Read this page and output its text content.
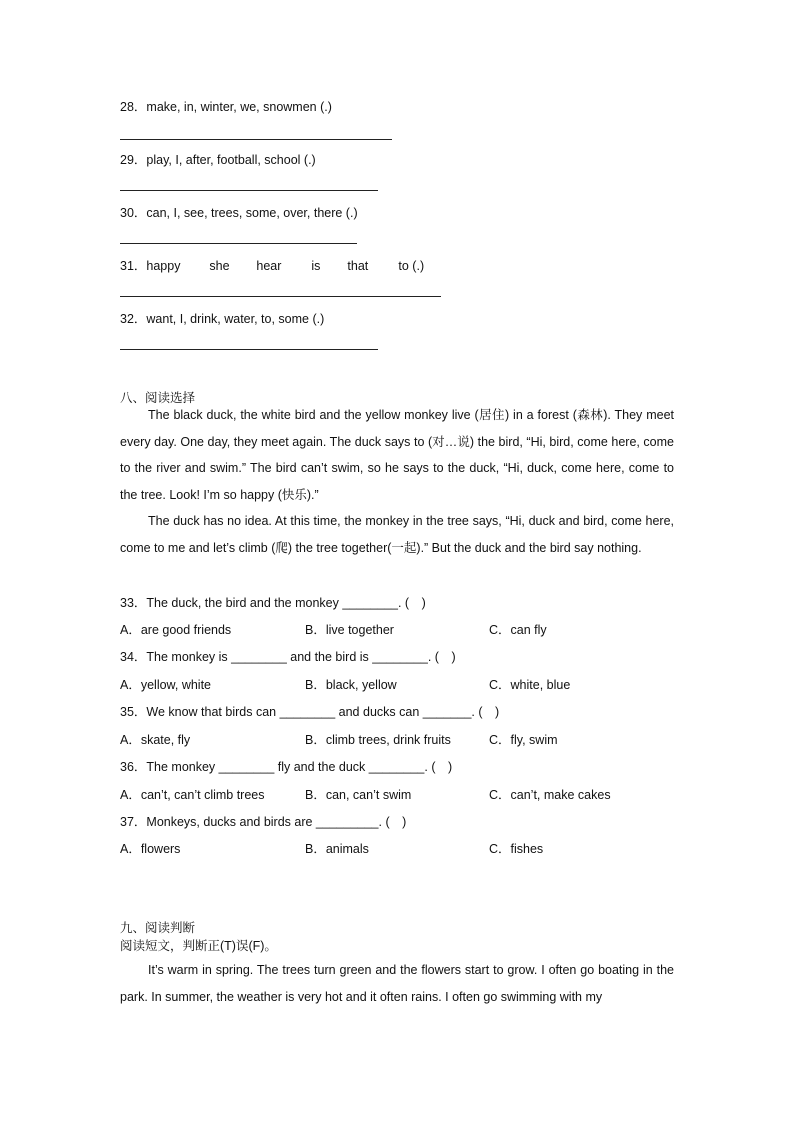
28．make, in, winter, we, snowmen (.)
29．play, I, after, football, school (.)
30．can, I, see, trees, some, over, there (.)
31．happy she hear is that to (.)
32．want, I, drink, water, to, some (.)
八、阅读选择
The black duck, the white bird and the yellow monkey live (居住) in a forest (森林). They meet every day. One day, they meet again. The duck says to (对…说) the bird, “Hi, bird, come here, come to the river and swim.” The bird can’t swim, so he says to the duck, “Hi, duck, come here, come to the tree. Look! I’m so happy (快乐).”
The duck has no idea. At this time, the monkey in the tree says, “Hi, duck and bird, come here, come to me and let’s climb (爬) the tree together(一起).” But the duck and the bird say nothing.
33．The duck, the bird and the monkey ________. (　)
A．are good friends	B．live together	C．can fly
34．The monkey is ________ and the bird is ________. (　)
A．yellow, white	B．black, yellow	C．white, blue
35．We know that birds can ________ and ducks can _______. (　)
A．skate, fly	B．climb trees, drink fruits	C．fly, swim
36．The monkey ________ fly and the duck ________. (　)
A．can’t, can’t climb trees	B．can, can’t swim	C．can’t, make cakes
37．Monkeys, ducks and birds are _________. (　)
A．flowers	B．animals	C．fishes
九、阅读判断
阅读短文，判断正(T)误(F)。
It’s warm in spring. The trees turn green and the flowers start to grow. I often go boating in the park. In summer, the weather is very hot and it often rains. I often go swimming with my
